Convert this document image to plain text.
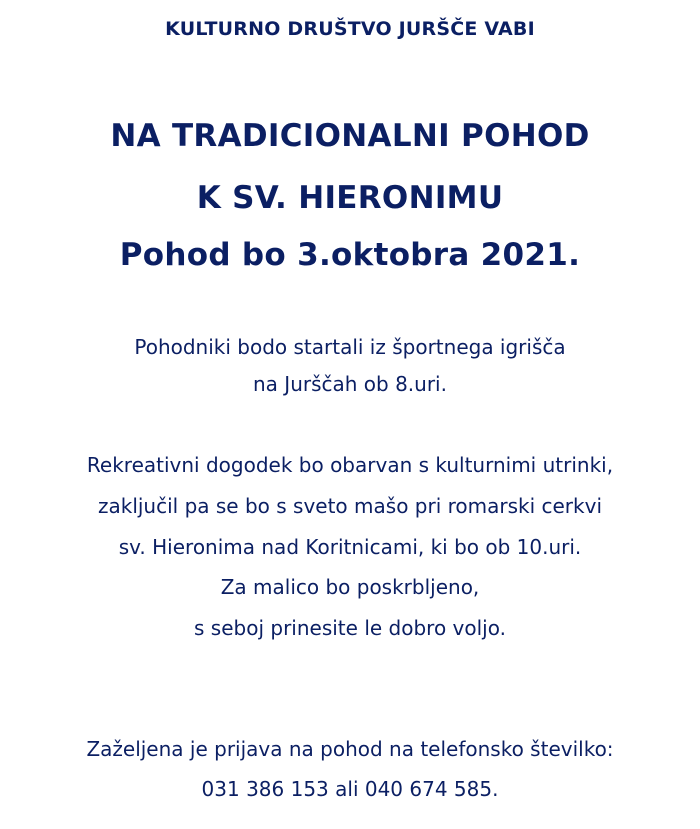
KULTURNO DRUŠTVO JURŠČE VABI
NA TRADICIONALNI POHOD
K SV. HIERONIMU
Pohod bo 3.oktobra 2021.
Pohodniki bodo startali iz športnega igrišča
na Jurščah ob 8.uri.
Rekreativni dogodek bo obarvan s kulturnimi utrinki,
zaključil pa se bo s sveto mašo pri romarski cerkvi
sv. Hieronima nad Koritnicami, ki bo ob 10.uri.
Za malico bo poskrbljeno,
s seboj prinesite le dobro voljo.
Zaželjena je prijava na pohod na telefonsko številko:
031 386 153 ali 040 674 585.
